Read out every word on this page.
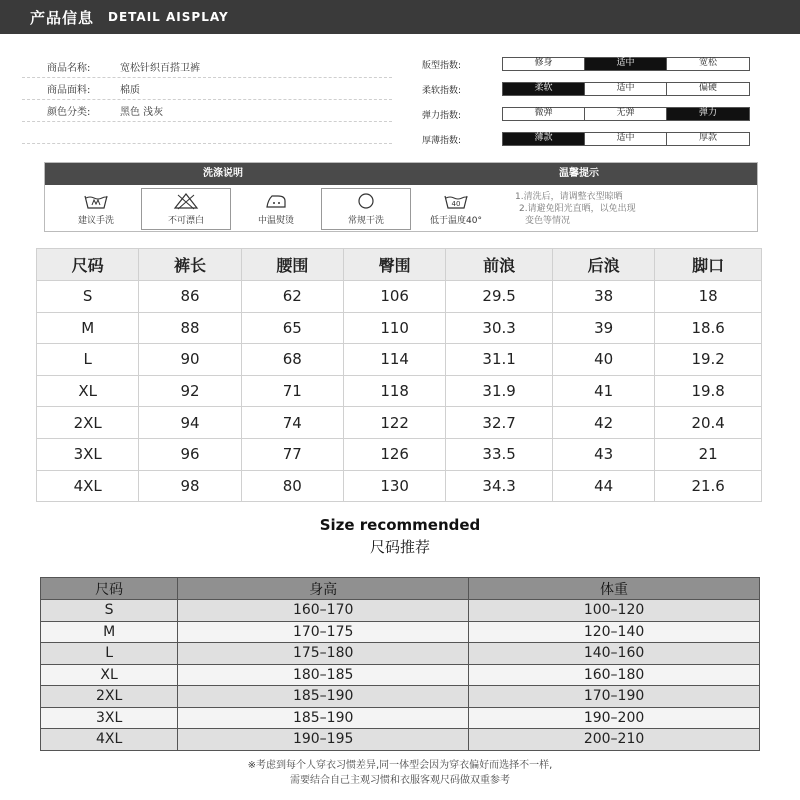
产品信息 DETAIL AISPLAY
商品名称:	宽松针织百搭卫裤
商品面料:	棉质
颜色分类:	黑色 浅灰
版型指数:	修身	适中	宽松
柔软指数:	柔软	适中	偏硬
弹力指数:	微弹	无弹	弹力
厚薄指数:	薄款	适中	厚款
洗涤说明	温馨提示
建议手洗	不可漂白	中温熨烫	常规干洗
40
低于温度40°
1.清洗后，请调整衣型晾晒
2.请避免阳光直晒，以免出现
变色等情况
尺码	裤长	腰围	臀围	前浪	后浪	脚口
S	86	62	106	29.5	38	18
M	88	65	110	30.3	39	18.6
L	90	68	114	31.1	40	19.2
XL	92	71	118	31.9	41	19.8
2XL	94	74	122	32.7	42	20.4
3XL	96	77	126	33.5	43	21
4XL	98	80	130	34.3	44	21.6
Size recommended
尺码推荐
尺码	身高	体重
S	160–170	100–120
M	170–175	120–140
L	175–180	140–160
XL	180–185	160–180
2XL	185–190	170–190
3XL	185–190	190–200
4XL	190–195	200–210
※考虑到每个人穿衣习惯差异,同一体型会因为穿衣偏好而选择不一样,
需要结合自己主观习惯和衣服客观尺码做双重参考
